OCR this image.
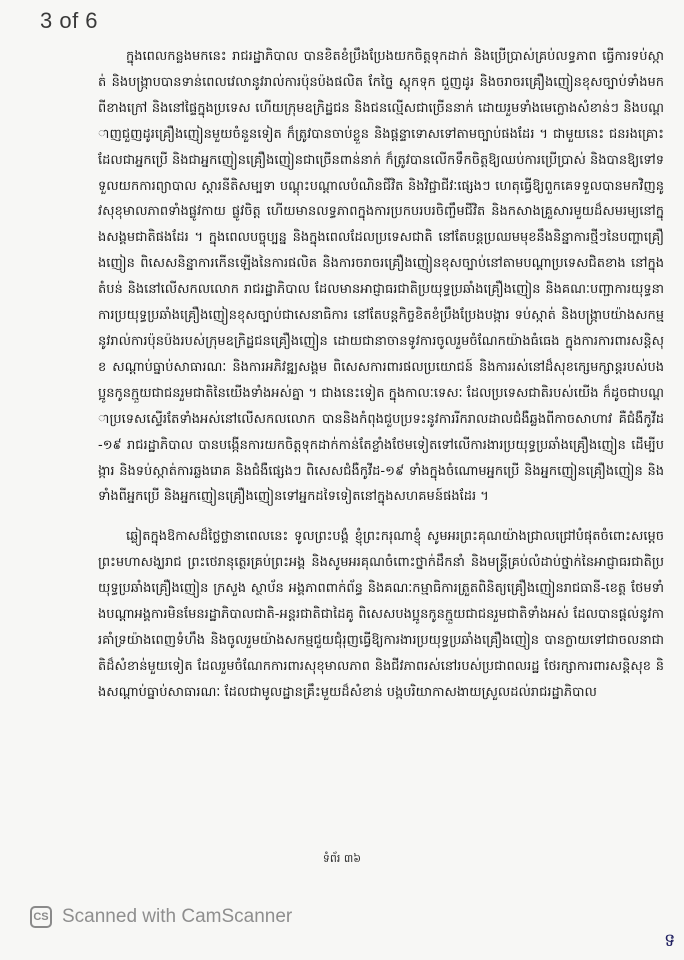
3 of 6

ក្នុងពេលកន្លងមកនេះ រាជរដ្ឋាភិបាល បានខិតខំប្រឹងប្រែងយកចិត្តទុកដាក់ និងប្រើប្រាស់គ្រប់លទ្ធភាព ធ្វើការទប់ស្កាត់ និងបង្ក្រាបបានទាន់ពេលវេលានូវរាល់ការប៉ុនប៉ងផលិត កែច្នៃ ស្តុកទុក ជួញដូរ និងចរាចរគ្រឿងញៀនខុសច្បាប់ទាំងមកពីខាងក្រៅ និងនៅផ្ទៃក្នុងប្រទេស ហើយក្រុមឧក្រិដ្ឋជន និងជនល្មើសជាច្រើននាក់ ដោយរួមទាំងមេក្លោងសំខាន់ៗ និងបណ្តាញជួញដូរគ្រឿងញៀនមួយចំនួនទៀត ក៏ត្រូវបានចាប់ខ្លួន និងផ្តន្ទាទោសទៅតាមច្បាប់ផងដែរ ។ ជាមួយនេះ ជនរងគ្រោះដែលជាអ្នកប្រើ និងជាអ្នកញៀនគ្រឿងញៀនជាច្រើនពាន់នាក់ ក៏ត្រូវបានលើកទឹកចិត្តឱ្យឈប់ការប្រើប្រាស់ និងបានឱ្យទៅទទួលយកការព្យាបាល ស្តារនីតិសម្បទា បណ្តុះបណ្តាលបំណិនជីវិត និងវិជ្ជាជីវៈផ្សេងៗ ហេតុធ្វើឱ្យពួកគេទទួលបានមកវិញនូវសុខុមាលភាពទាំងផ្លូវកាយ ផ្លូវចិត្ត ហើយមានលទ្ធភាពក្នុងការប្រកបរបរចិញ្ចឹមជីវិត និងកសាងគ្រួសារមួយដ៏សមរម្យនៅក្នុងសង្គមជាតិផងដែរ ។ ក្នុងពេលបច្ចុប្បន្ន និងក្នុងពេលដែលប្រទេសជាតិ នៅតែបន្តប្រឈមមុខនឹងនិន្នាការថ្មីៗនៃបញ្ហាគ្រឿងញៀន ពិសេសនិន្នាការកើនឡើងនៃការផលិត និងការចរាចរគ្រឿងញៀនខុសច្បាប់នៅតាមបណ្តាប្រទេសជិតខាង នៅក្នុងតំបន់ និងនៅលើសកលលោក រាជរដ្ឋាភិបាល ដែលមានអាជ្ញាធរជាតិប្រយុទ្ធប្រឆាំងគ្រឿងញៀន និងគណៈបញ្ជាការយុទ្ធនាការប្រយុទ្ធប្រឆាំងគ្រឿងញៀនខុសច្បាប់ជាសេនាធិការ នៅតែបន្តកិច្ចខិតខំប្រឹងប្រែងបង្ការ ទប់ស្កាត់ និងបង្ក្រាបយ៉ាងសកម្មនូវរាល់ការប៉ុនប៉ងរបស់ក្រុមឧក្រិដ្ឋជនគ្រឿងញៀន ដោយជានាចានទូវការចូលរួមចំណែកយ៉ាងធំធេង ក្នុងការការពារសន្តិសុខ សណ្តាប់ធ្នាប់សាធារណៈ និងការអភិវឌ្ឍសង្គម ពិសេសការពារផលប្រយោជន៍ និងការរស់នៅដ៏សុខក្សេមក្សាន្តរបស់បងប្អូនកូនក្មួយជាជនរួមជាតិនៃយើងទាំងអស់គ្នា ។ ជាងនេះទៀត ក្នុងកាលៈទេសៈ ដែលប្រទេសជាតិរបស់យើង ក៏ដូចជាបណ្តាប្រទេសស្ទើរតែទាំងអស់នៅលើសកលលោក បាននិងកំពុងជួបប្រទះនូវការរីករាលដាលជំងឺឆ្លងពីកាចសាហាវ គឺជំងឺកូវីដ-១៩ រាជរដ្ឋាភិបាល បានបង្កើនការយកចិត្តទុកដាក់កាន់តែខ្លាំងថែមទៀតទៅលើការងារប្រយុទ្ធប្រឆាំងគ្រឿងញៀន ដើម្បីបង្ការ និងទប់ស្កាត់ការឆ្លងរោគ និងជំងឺផ្សេងៗ ពិសេសជំងឺកូវីដ-១៩ ទាំងក្នុងចំណោមអ្នកប្រើ និងអ្នកញៀនគ្រឿងញៀន និងទាំងពីអ្នកប្រើ និងអ្នកញៀនគ្រឿងញៀនទៅអ្នកដទៃទៀតនៅក្នុងសហគមន៍ផងដែរ ។

ឆ្លៀតក្នុងឱកាសដ៏ថ្លៃថ្លានាពេលនេះ ទូលព្រះបង្គំ ខ្ញុំព្រះករុណាខ្ញុំ សូមអរព្រះគុណយ៉ាងជ្រាលជ្រៅបំផុតចំពោះសម្តេចព្រះមហាសង្ឃរាជ ព្រះថេរានុត្ថេរគ្រប់ព្រះអង្គ និងសូមអរគុណចំពោះថ្នាក់ដឹកនាំ និងមន្ត្រីគ្រប់លំដាប់ថ្នាក់នៃអាជ្ញាធរជាតិប្រយុទ្ធប្រឆាំងគ្រឿងញៀន ក្រសួង ស្ថាប័ន អង្គភាពពាក់ព័ន្ធ និងគណៈកម្មាធិការត្រួតពិនិត្យគ្រឿងញៀនរាជធានី-ខេត្ត ថែមទាំងបណ្តាអង្គការមិនមែនរដ្ឋាភិបាលជាតិ-អន្តរជាតិជាដៃគូ ពិសេសបងប្អូនកូនក្មួយជាជនរួមជាតិទាំងអស់ ដែលបានផ្តល់នូវការគាំទ្រយ៉ាងពេញទំហឹង និងចូលរួមយ៉ាងសកម្មជួយជុំរុញធ្វើឱ្យការងារប្រយុទ្ធប្រឆាំងគ្រឿងញៀន បានក្លាយទៅជាចលនាជាតិដ៏សំខាន់មួយទៀត ដែលរួមចំណែកការពារសុខុមាលភាព និងជីវភាពរស់នៅរបស់ប្រជាពលរដ្ឋ ថែរក្សាការពារសន្តិសុខ និងសណ្តាប់ធ្នាប់សាធារណៈ ដែលជាមូលដ្ឋានគ្រឹះមួយដ៏សំខាន់ បង្កបរិយាកាសងាយស្រួលដល់រាជរដ្ឋាភិបាល

ទំព័រ ៣៦
CS Scanned with CamScanner
ទ
